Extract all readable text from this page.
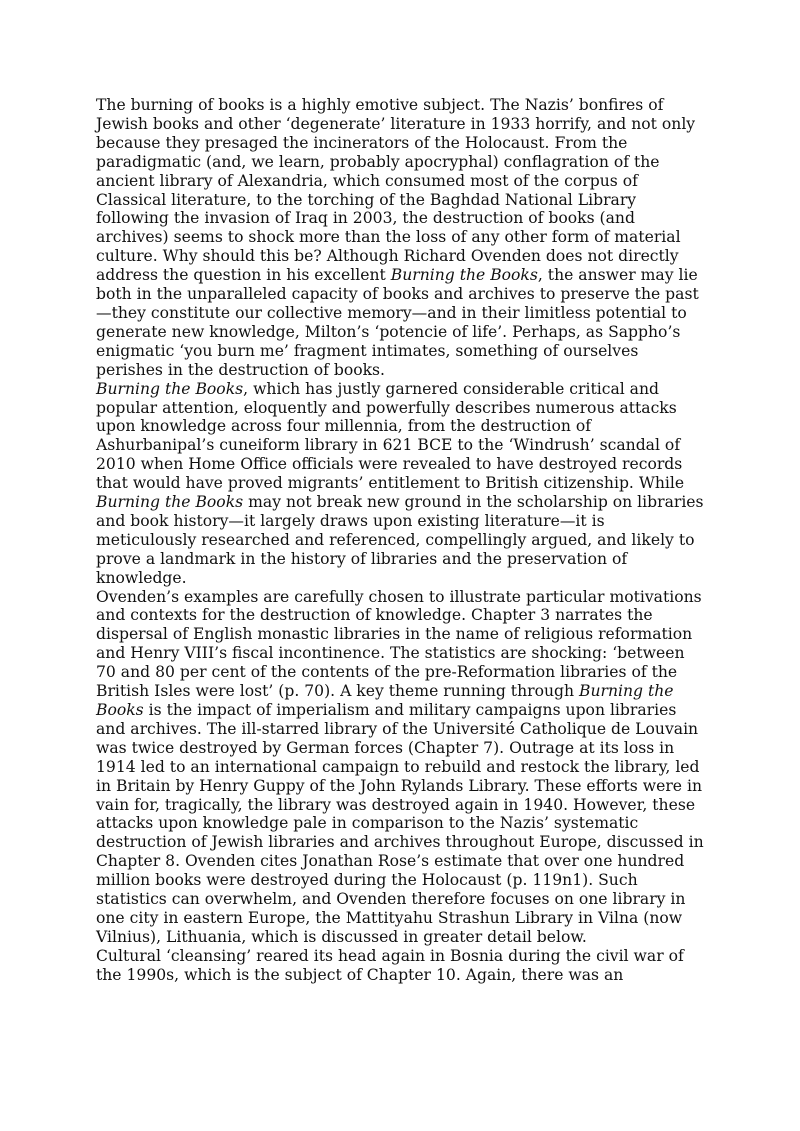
The burning of books is a highly emotive subject. The Nazis’ bonfires of Jewish books and other ‘degenerate’ literature in 1933 horrify, and not only because they presaged the incinerators of the Holocaust. From the paradigmatic (and, we learn, probably apocryphal) conflagration of the ancient library of Alexandria, which consumed most of the corpus of Classical literature, to the torching of the Baghdad National Library following the invasion of Iraq in 2003, the destruction of books (and archives) seems to shock more than the loss of any other form of material culture. Why should this be? Although Richard Ovenden does not directly address the question in his excellent Burning the Books, the answer may lie both in the unparalleled capacity of books and archives to preserve the past—they constitute our collective memory—and in their limitless potential to generate new knowledge, Milton’s ‘potencie of life’. Perhaps, as Sappho’s enigmatic ‘you burn me’ fragment intimates, something of ourselves perishes in the destruction of books.

Burning the Books, which has justly garnered considerable critical and popular attention, eloquently and powerfully describes numerous attacks upon knowledge across four millennia, from the destruction of Ashurbanipal’s cuneiform library in 621 BCE to the ‘Windrush’ scandal of 2010 when Home Office officials were revealed to have destroyed records that would have proved migrants’ entitlement to British citizenship. While Burning the Books may not break new ground in the scholarship on libraries and book history—it largely draws upon existing literature—it is meticulously researched and referenced, compellingly argued, and likely to prove a landmark in the history of libraries and the preservation of knowledge.

Ovenden’s examples are carefully chosen to illustrate particular motivations and contexts for the destruction of knowledge. Chapter 3 narrates the dispersal of English monastic libraries in the name of religious reformation and Henry VIII’s fiscal incontinence. The statistics are shocking: ‘between 70 and 80 per cent of the contents of the pre-Reformation libraries of the British Isles were lost’ (p. 70). A key theme running through Burning the Books is the impact of imperialism and military campaigns upon libraries and archives. The ill-starred library of the Université Catholique de Louvain was twice destroyed by German forces (Chapter 7). Outrage at its loss in 1914 led to an international campaign to rebuild and restock the library, led in Britain by Henry Guppy of the John Rylands Library. These efforts were in vain for, tragically, the library was destroyed again in 1940. However, these attacks upon knowledge pale in comparison to the Nazis’ systematic destruction of Jewish libraries and archives throughout Europe, discussed in Chapter 8. Ovenden cites Jonathan Rose’s estimate that over one hundred million books were destroyed during the Holocaust (p. 119n1). Such statistics can overwhelm, and Ovenden therefore focuses on one library in one city in eastern Europe, the Mattityahu Strashun Library in Vilna (now Vilnius), Lithuania, which is discussed in greater detail below.

Cultural ‘cleansing’ reared its head again in Bosnia during the civil war of the 1990s, which is the subject of Chapter 10. Again, there was an
